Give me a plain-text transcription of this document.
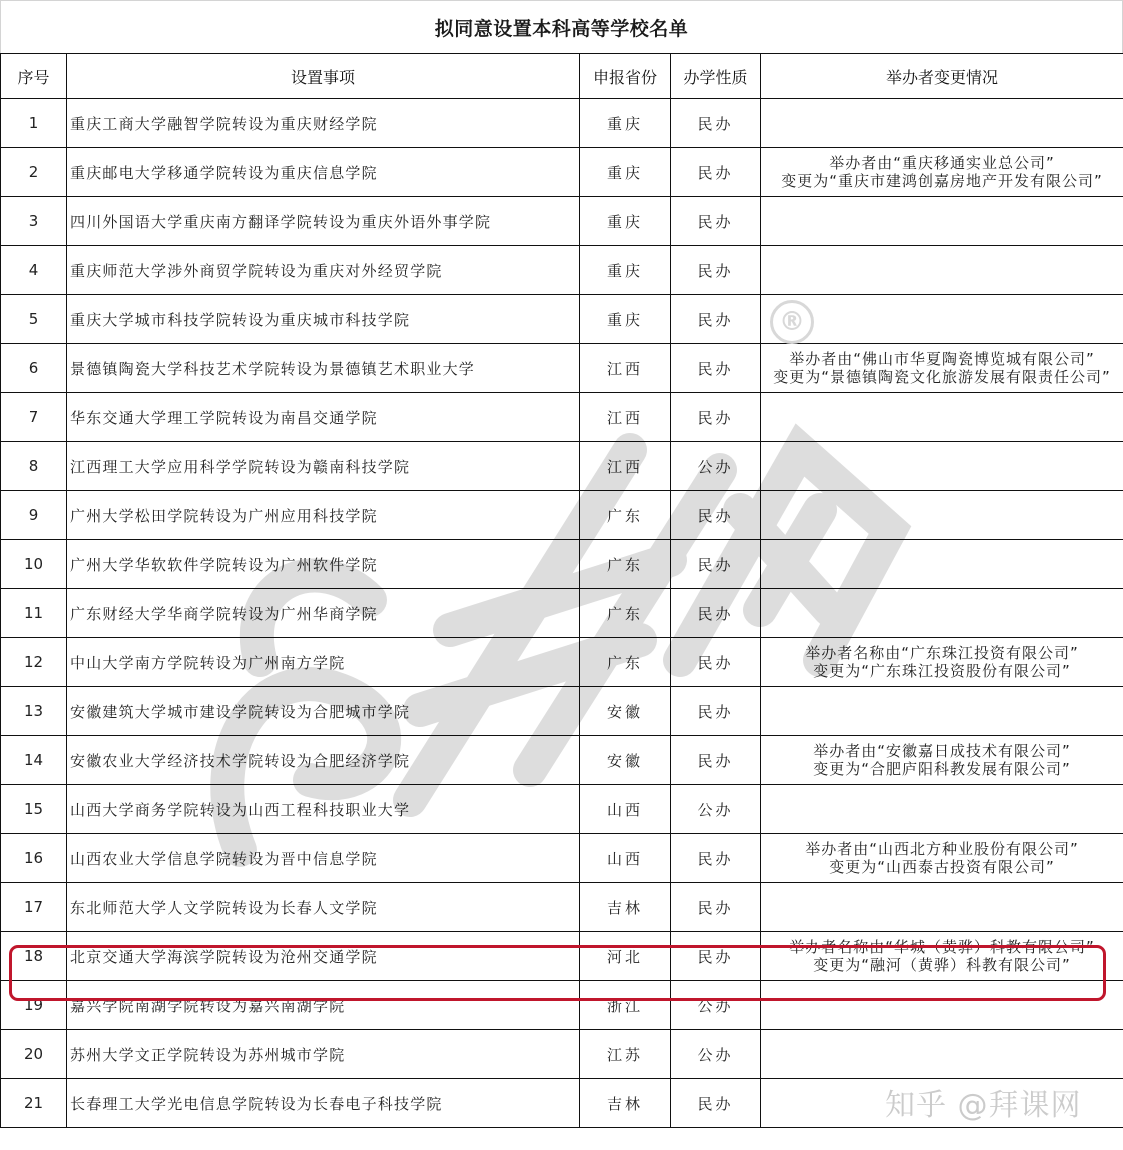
拟同意设置本科高等学校名单
序号	设置事项	申报省份	办学性质	举办者变更情况
1	重庆工商大学融智学院转设为重庆财经学院	重庆	民办	

2	重庆邮电大学移通学院转设为重庆信息学院	重庆	民办	举办者由“重庆移通实业总公司”
变更为“重庆市建鸿创嘉房地产开发有限公司”

3	四川外国语大学重庆南方翻译学院转设为重庆外语外事学院	重庆	民办	

4	重庆师范大学涉外商贸学院转设为重庆对外经贸学院	重庆	民办	

5	重庆大学城市科技学院转设为重庆城市科技学院	重庆	民办	

6	景德镇陶瓷大学科技艺术学院转设为景德镇艺术职业大学	江西	民办	举办者由“佛山市华夏陶瓷博览城有限公司”
变更为“景德镇陶瓷文化旅游发展有限责任公司”

7	华东交通大学理工学院转设为南昌交通学院	江西	民办	

8	江西理工大学应用科学学院转设为赣南科技学院	江西	公办	

9	广州大学松田学院转设为广州应用科技学院	广东	民办	

10	广州大学华软软件学院转设为广州软件学院	广东	民办	

11	广东财经大学华商学院转设为广州华商学院	广东	民办	

12	中山大学南方学院转设为广州南方学院	广东	民办	举办者名称由“广东珠江投资有限公司”
变更为“广东珠江投资股份有限公司”

13	安徽建筑大学城市建设学院转设为合肥城市学院	安徽	民办	

14	安徽农业大学经济技术学院转设为合肥经济学院	安徽	民办	举办者由“安徽嘉日成技术有限公司”
变更为“合肥庐阳科教发展有限公司”

15	山西大学商务学院转设为山西工程科技职业大学	山西	公办	

16	山西农业大学信息学院转设为晋中信息学院	山西	民办	举办者由“山西北方种业股份有限公司”
变更为“山西泰古投资有限公司”

17	东北师范大学人文学院转设为长春人文学院	吉林	民办	

18	北京交通大学海滨学院转设为沧州交通学院	河北	民办	举办者名称由“华城（黄骅）科教有限公司”
变更为“融河（黄骅）科教有限公司”

19	嘉兴学院南湖学院转设为嘉兴南湖学院	浙江	公办	

20	苏州大学文正学院转设为苏州城市学院	江苏	公办	

21	长春理工大学光电信息学院转设为长春电子科技学院	吉林	民办	
®
知乎 @拜课网
